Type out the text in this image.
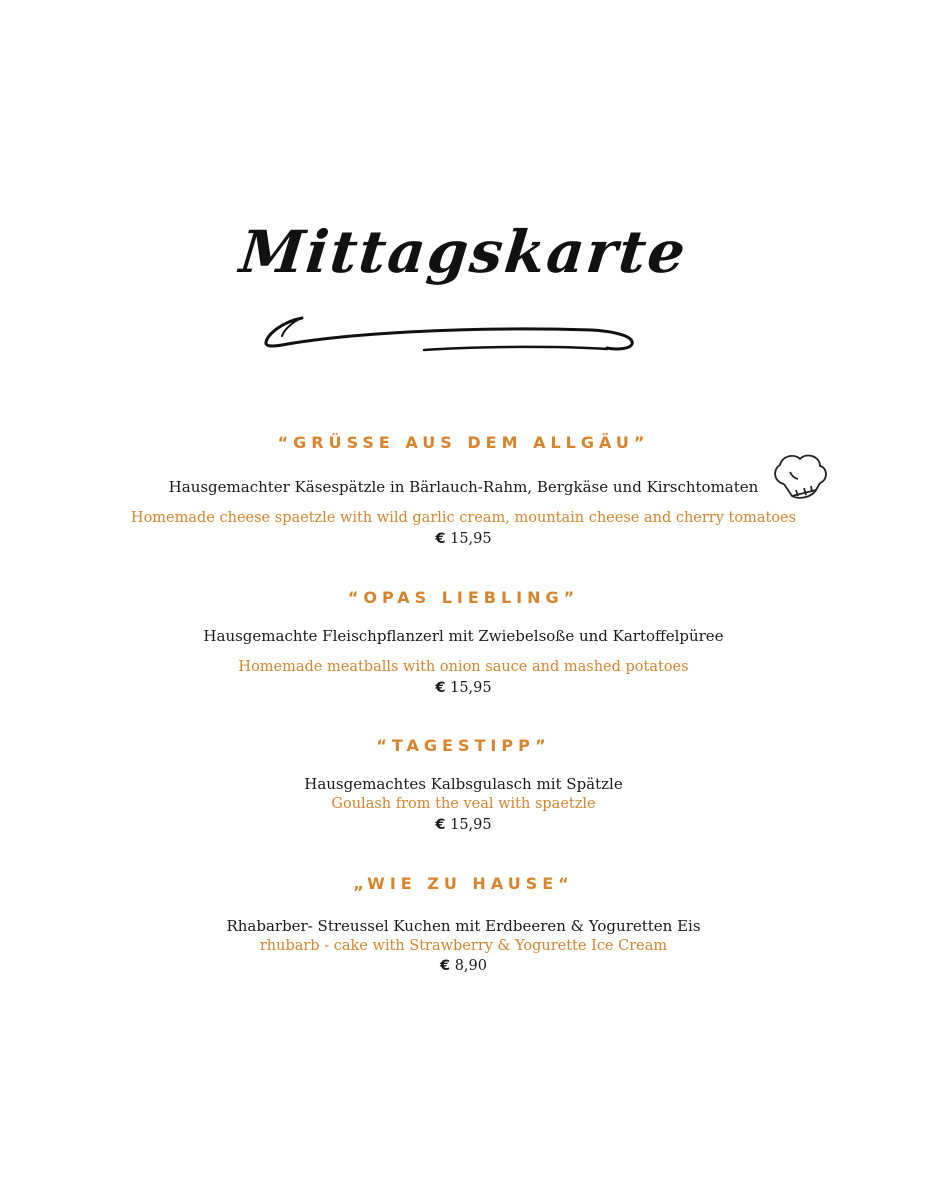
Mittagskarte

“GRÜSSE AUS DEM ALLGÄU”

Hausgemachter Käsespätzle in Bärlauch-Rahm, Bergkäse und Kirschtomaten

Homemade cheese spaetzle with wild garlic cream, mountain cheese and cherry tomatoes

€ 15,95

“OPAS LIEBLING”

Hausgemachte Fleischpflanzerl mit Zwiebelsoße und Kartoffelpüree

Homemade meatballs with onion sauce and mashed potatoes

€ 15,95

“TAGESTIPP”

Hausgemachtes Kalbsgulasch mit Spätzle

Goulash from the veal with spaetzle

€ 15,95

„WIE ZU HAUSE“

Rhabarber- Streussel Kuchen mit Erdbeeren & Yoguretten Eis

rhubarb - cake with Strawberry & Yogurette Ice Cream

€ 8,90
